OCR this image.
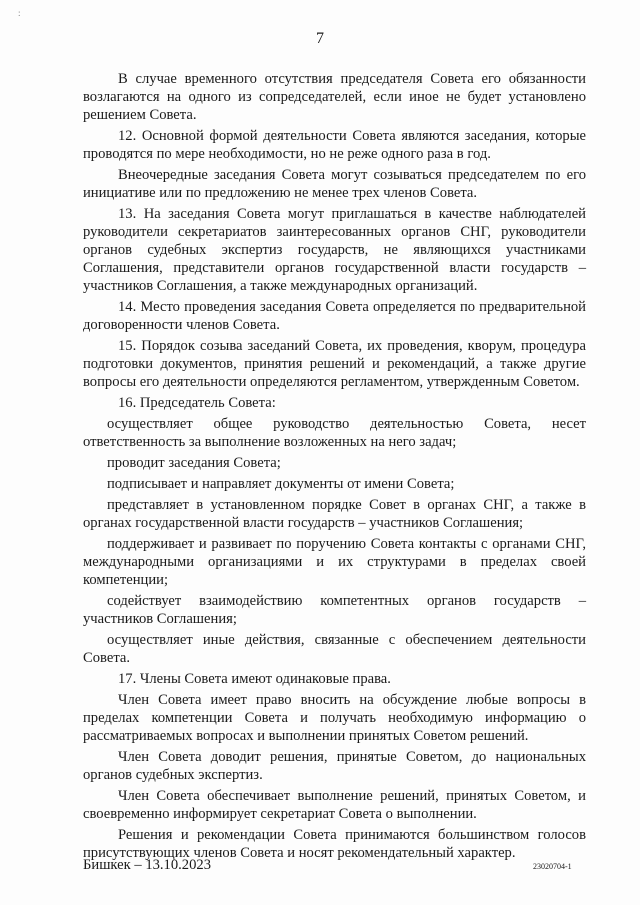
:
7

В случае временного отсутствия председателя Совета его обязанности возлагаются на одного из сопредседателей, если иное не будет установлено решением Совета.

12. Основной формой деятельности Совета являются заседания, которые проводятся по мере необходимости, но не реже одного раза в год.

Внеочередные заседания Совета могут созываться председателем по его инициативе или по предложению не менее трех членов Совета.

13. На заседания Совета могут приглашаться в качестве наблюдателей руководители секретариатов заинтересованных органов СНГ, руководители органов судебных экспертиз государств, не являющихся участниками Соглашения, представители органов государственной власти государств – участников Соглашения, а также международных организаций.

14. Место проведения заседания Совета определяется по предварительной договоренности членов Совета.

15. Порядок созыва заседаний Совета, их проведения, кворум, процедура подготовки документов, принятия решений и рекомендаций, а также другие вопросы его деятельности определяются регламентом, утвержденным Советом.

16. Председатель Совета:

осуществляет общее руководство деятельностью Совета, несет ответственность за выполнение возложенных на него задач;

проводит заседания Совета;

подписывает и направляет документы от имени Совета;

представляет в установленном порядке Совет в органах СНГ, а также в органах государственной власти государств – участников Соглашения;

поддерживает и развивает по поручению Совета контакты с органами СНГ, международными организациями и их структурами в пределах своей компетенции;

содействует взаимодействию компетентных органов государств – участников Соглашения;

осуществляет иные действия, связанные с обеспечением деятельности Совета.

17. Члены Совета имеют одинаковые права.

Член Совета имеет право вносить на обсуждение любые вопросы в пределах компетенции Совета и получать необходимую информацию о рассматриваемых вопросах и выполнении принятых Советом решений.

Член Совета доводит решения, принятые Советом, до национальных органов судебных экспертиз.

Член Совета обеспечивает выполнение решений, принятых Советом, и своевременно информирует секретариат Совета о выполнении.

Решения и рекомендации Совета принимаются большинством голосов присутствующих членов Совета и носят рекомендательный характер.

Бишкек – 13.10.2023	23020704-1
